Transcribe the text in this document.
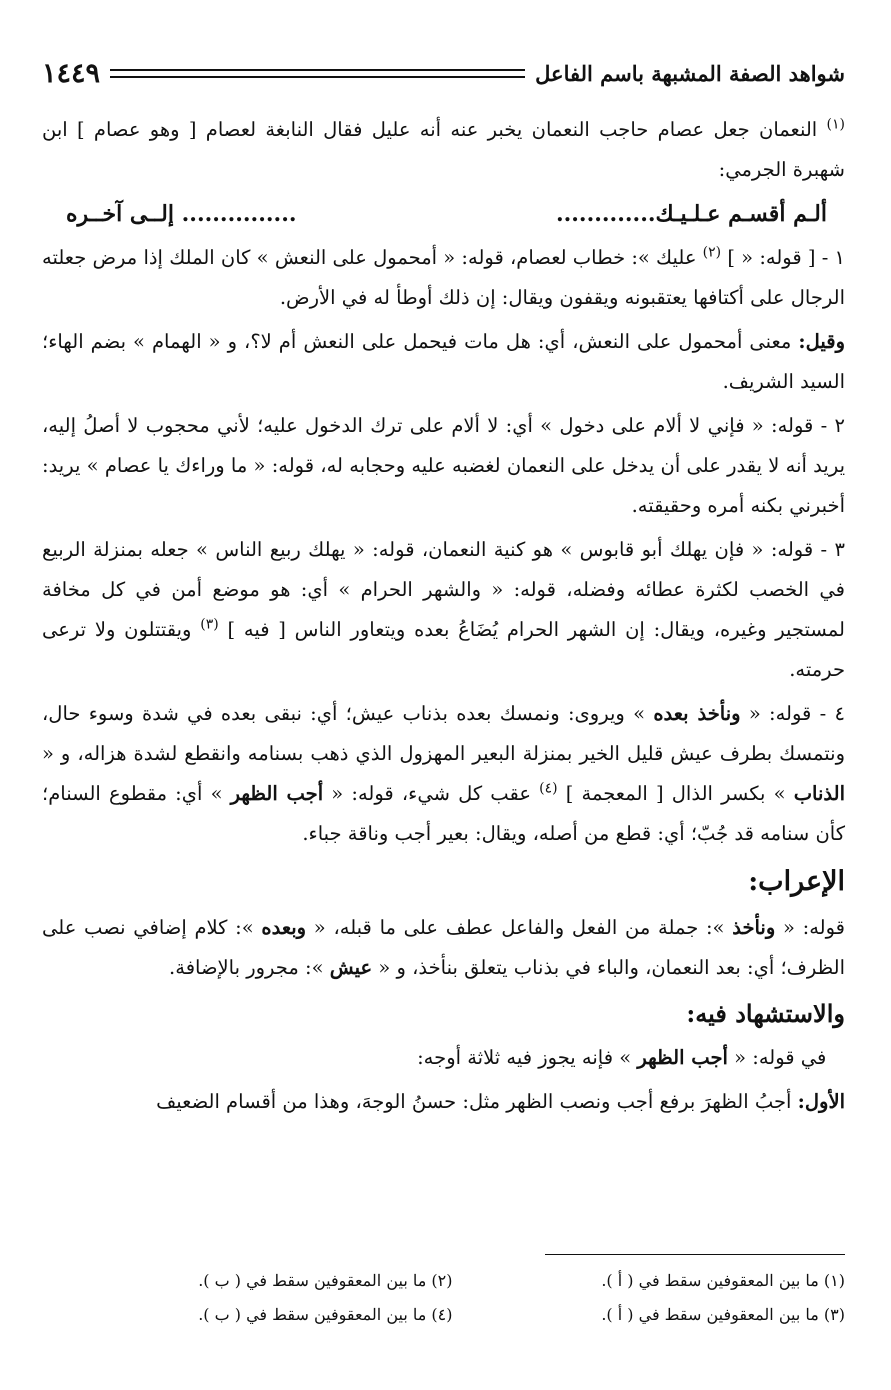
شواهد الصفة المشبهة باسم الفاعل
١٤٤٩

$^{(١)}$ النعمان جعل عصام حاجب النعمان يخبر عنه أنه عليل فقال النابغة لعصام [ وهو عصام ] ابن شهبرة الجرمي:

ألـم أقسـم عـلـيـك.............
............... إلــى آخــره

١ - [ قوله: « ] $^{(٢)}$ عليك »: خطاب لعصام، قوله: « أمحمول على النعش » كان الملك إذا مرض جعلته الرجال على أكتافها يعتقبونه ويقفون ويقال: إن ذلك أوطأ له في الأرض.

وقيل: معنى أمحمول على النعش، أي: هل مات فيحمل على النعش أم لا؟، و « الهمام » بضم الهاء؛ السيد الشريف.

٢ - قوله: « فإني لا ألام على دخول » أي: لا ألام على ترك الدخول عليه؛ لأني محجوب لا أصلُ إليه، يريد أنه لا يقدر على أن يدخل على النعمان لغضبه عليه وحجابه له، قوله: « ما وراءك يا عصام » يريد: أخبرني بكنه أمره وحقيقته.

٣ - قوله: « فإن يهلك أبو قابوس » هو كنية النعمان، قوله: « يهلك ربيع الناس » جعله بمنزلة الربيع في الخصب لكثرة عطائه وفضله، قوله: « والشهر الحرام » أي: هو موضع أمن في كل مخافة لمستجير وغيره، ويقال: إن الشهر الحرام يُضَاعُ بعده ويتعاور الناس [ فيه ] $^{(٣)}$ ويقتتلون ولا ترعى حرمته.

٤ - قوله: « ونأخذ بعده » ويروى: ونمسك بعده بذناب عيش؛ أي: نبقى بعده في شدة وسوء حال، ونتمسك بطرف عيش قليل الخير بمنزلة البعير المهزول الذي ذهب بسنامه وانقطع لشدة هزاله، و « الذناب » بكسر الذال [ المعجمة ] $^{(٤)}$ عقب كل شيء، قوله: « أجب الظهر » أي: مقطوع السنام؛ كأن سنامه قد جُبّ؛ أي: قطع من أصله، ويقال: بعير أجب وناقة جباء.

الإعراب:

قوله: « ونأخذ »: جملة من الفعل والفاعل عطف على ما قبله، « وبعده »: كلام إضافي نصب على الظرف؛ أي: بعد النعمان، والباء في بذناب يتعلق بنأخذ، و « عيش »: مجرور بالإضافة.

والاستشهاد فيه:

في قوله: « أجب الظهر » فإنه يجوز فيه ثلاثة أوجه:

الأول: أجبُ الظهرَ برفع أجب ونصب الظهر مثل: حسنُ الوجهَ، وهذا من أقسام الضعيف

(١) ما بين المعقوفين سقط في ( أ ).
(٢) ما بين المعقوفين سقط في ( ب ).
(٣) ما بين المعقوفين سقط في ( أ ).
(٤) ما بين المعقوفين سقط في ( ب ).
